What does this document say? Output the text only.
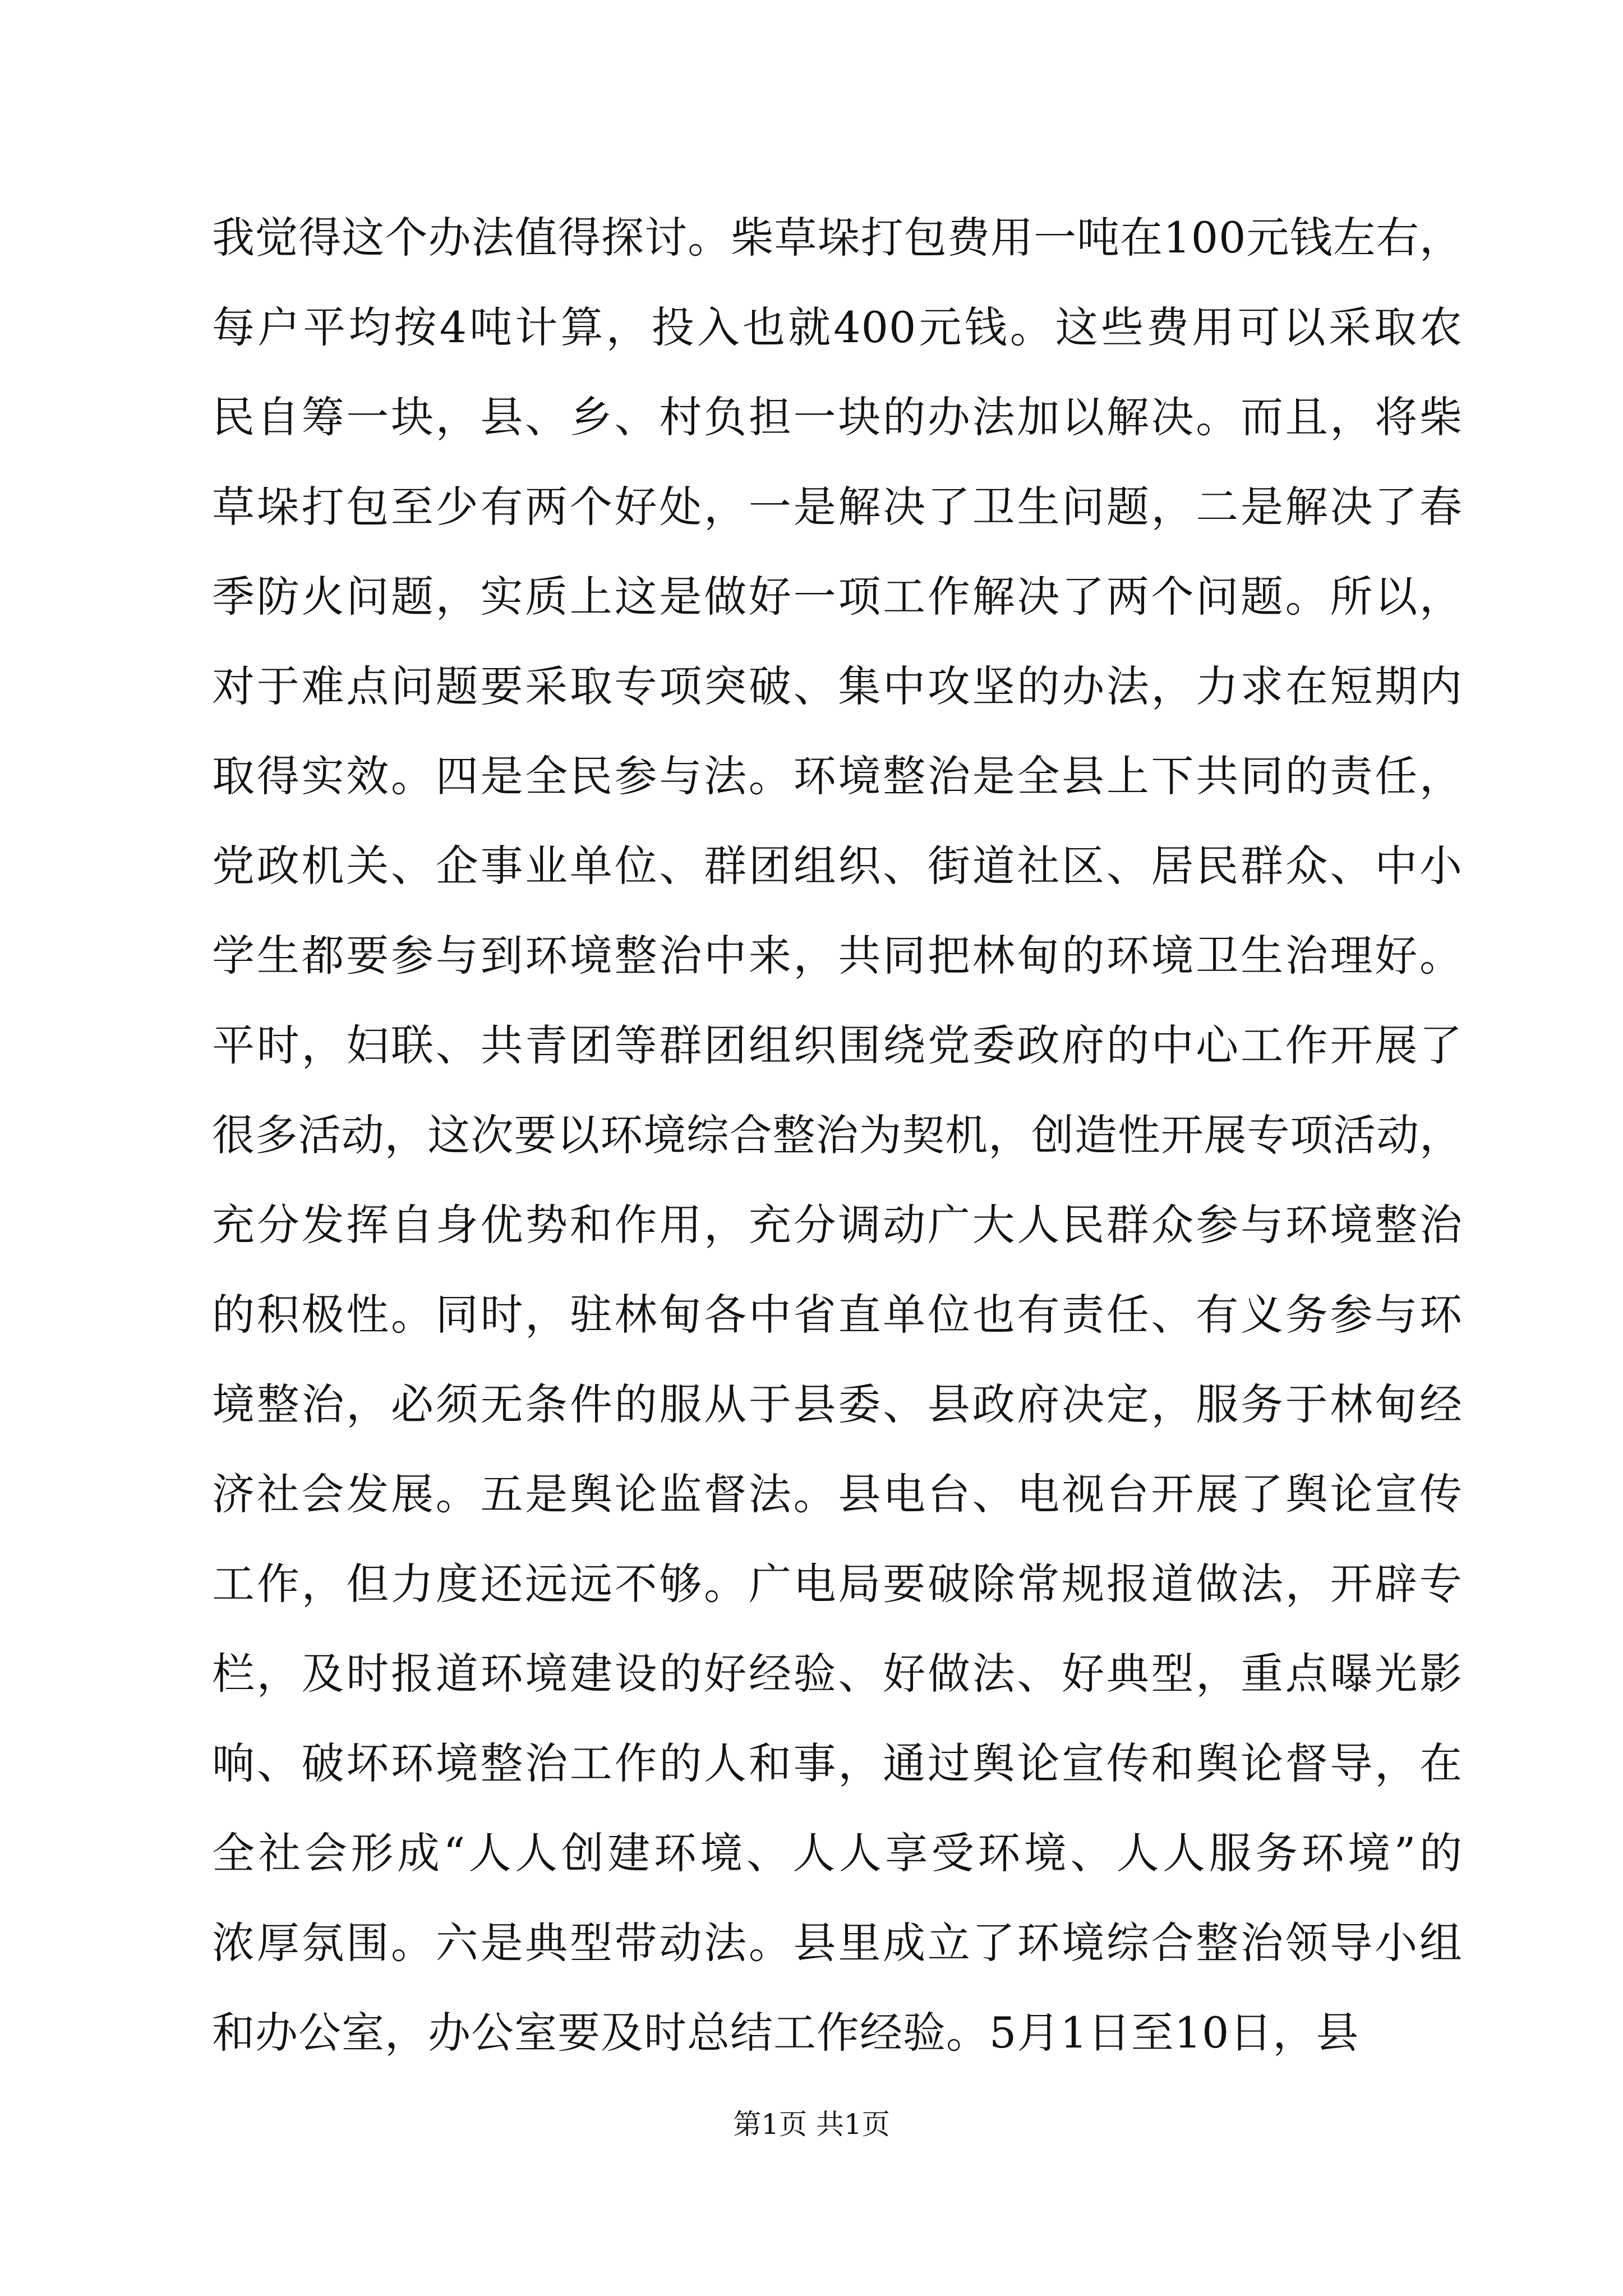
我觉得这个办法值得探讨。柴草垛打包费用一吨在100元钱左右，
每户平均按4吨计算，投入也就400元钱。这些费用可以采取农
民自筹一块，县、乡、村负担一块的办法加以解决。而且，将柴
草垛打包至少有两个好处，一是解决了卫生问题，二是解决了春
季防火问题，实质上这是做好一项工作解决了两个问题。所以，
对于难点问题要采取专项突破、集中攻坚的办法，力求在短期内
取得实效。四是全民参与法。环境整治是全县上下共同的责任，
党政机关、企事业单位、群团组织、街道社区、居民群众、中小
学生都要参与到环境整治中来，共同把林甸的环境卫生治理好。
平时，妇联、共青团等群团组织围绕党委政府的中心工作开展了
很多活动，这次要以环境综合整治为契机，创造性开展专项活动，
充分发挥自身优势和作用，充分调动广大人民群众参与环境整治
的积极性。同时，驻林甸各中省直单位也有责任、有义务参与环
境整治，必须无条件的服从于县委、县政府决定，服务于林甸经
济社会发展。五是舆论监督法。县电台、电视台开展了舆论宣传
工作，但力度还远远不够。广电局要破除常规报道做法，开辟专
栏，及时报道环境建设的好经验、好做法、好典型，重点曝光影
响、破坏环境整治工作的人和事，通过舆论宣传和舆论督导，在
全社会形成“人人创建环境、人人享受环境、人人服务环境”的
浓厚氛围。六是典型带动法。县里成立了环境综合整治领导小组
和办公室，办公室要及时总结工作经验。5月1日至10日，县
第1页 共1页
